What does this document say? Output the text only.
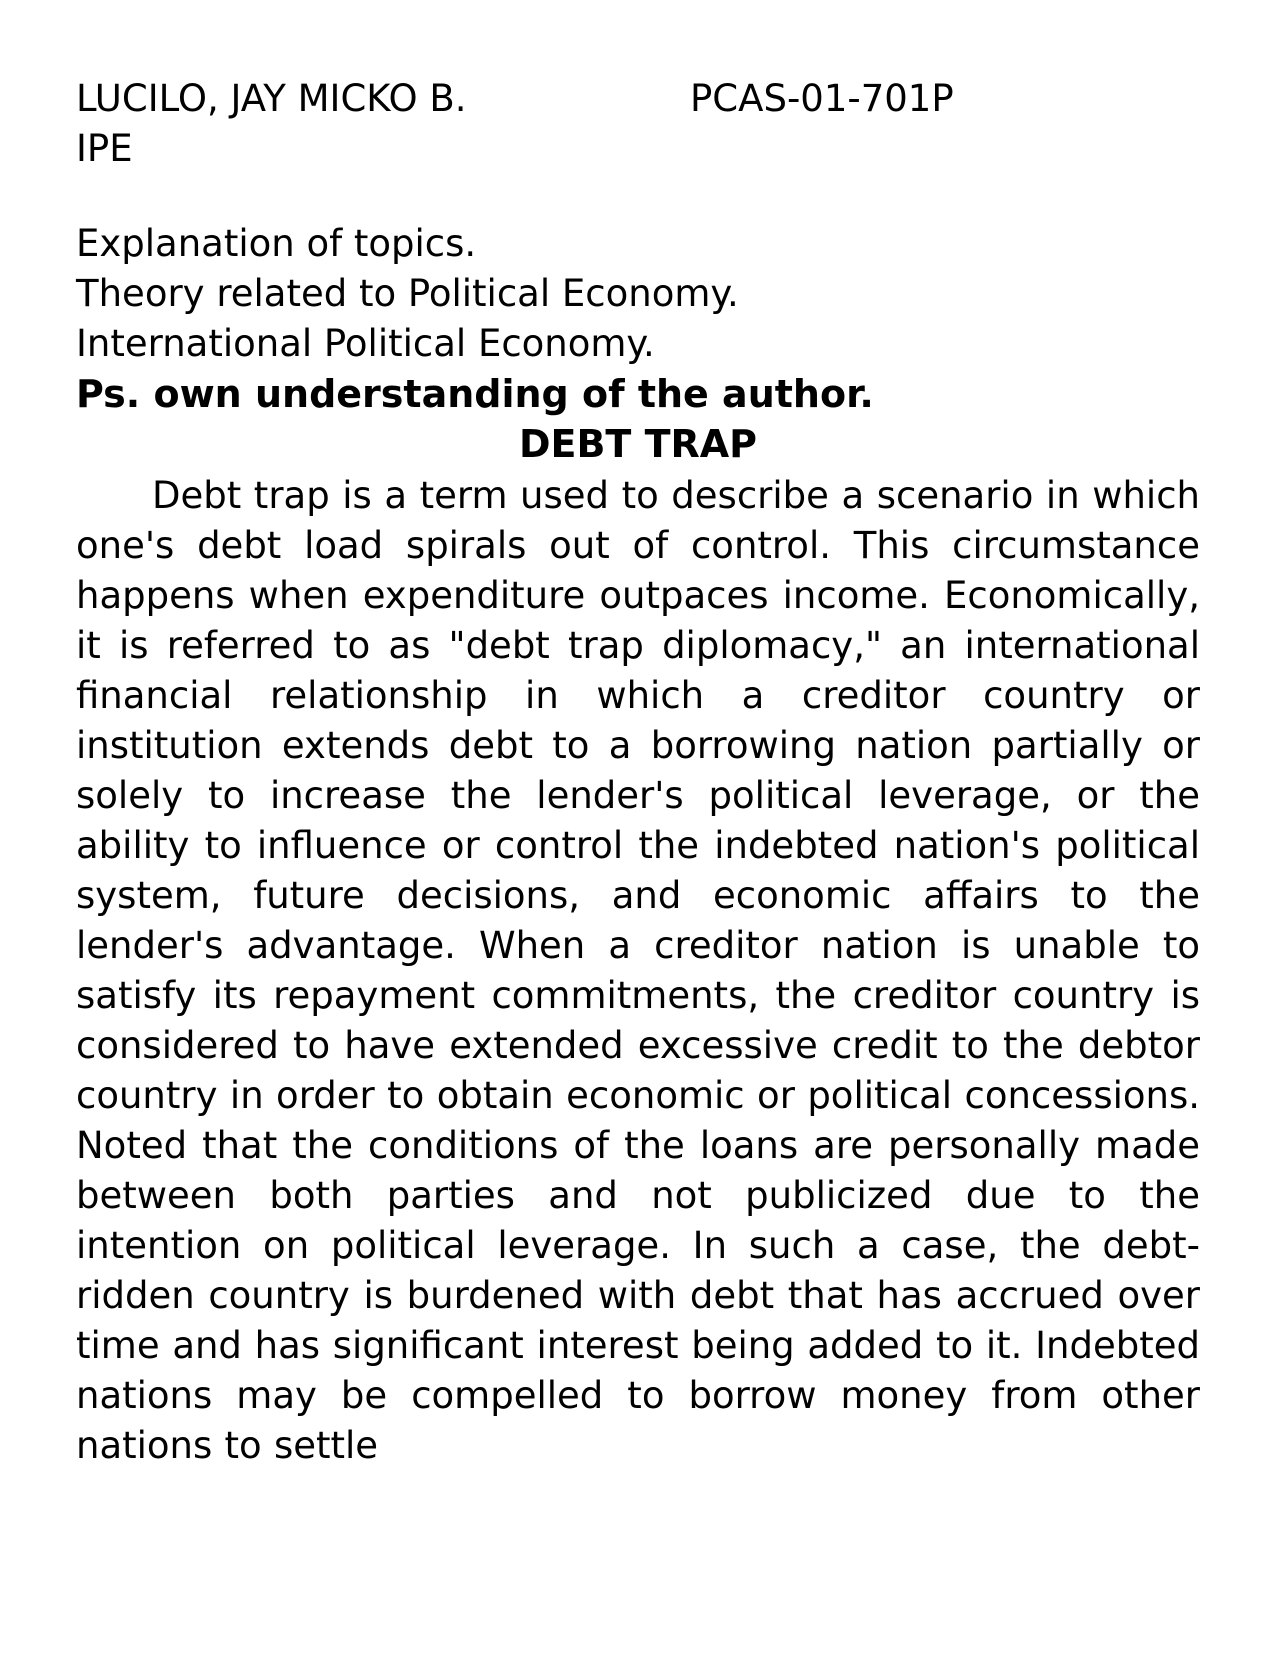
LUCILO, JAY MICKO B.	PCAS-01-701P
IPE
Explanation of topics.
Theory related to Political Economy.
International Political Economy.
Ps. own understanding of the author.
DEBT TRAP

Debt trap is a term used to describe a scenario in which one's debt load spirals out of control. This circumstance happens when expenditure outpaces income. Economically, it is referred to as "debt trap diplomacy," an international financial relationship in which a creditor country or institution extends debt to a borrowing nation partially or solely to increase the lender's political leverage, or the ability to influence or control the indebted nation's political system, future decisions, and economic affairs to the lender's advantage. When a creditor nation is unable to satisfy its repayment commitments, the creditor country is considered to have extended excessive credit to the debtor country in order to obtain economic or political concessions. Noted that the conditions of the loans are personally made between both parties and not publicized due to the intention on political leverage. In such a case, the debt-ridden country is burdened with debt that has accrued over time and has significant interest being added to it. Indebted nations may be compelled to borrow money from other nations to settle
